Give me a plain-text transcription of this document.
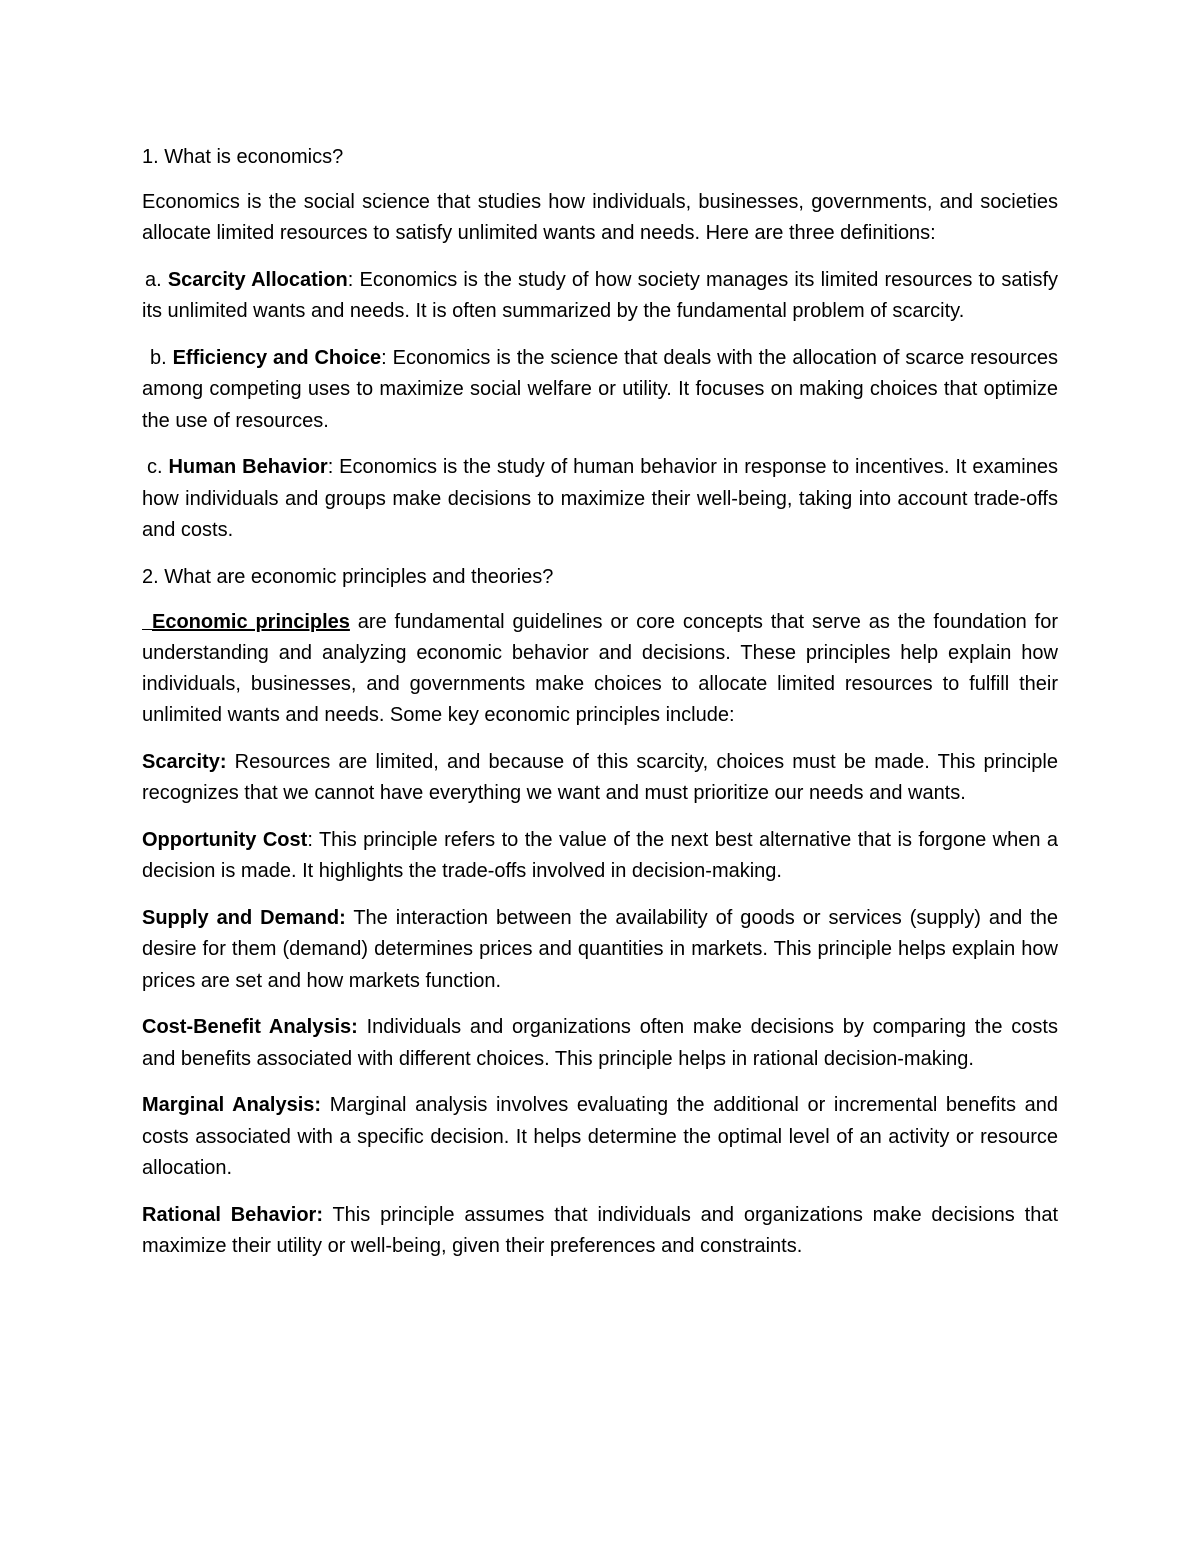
1. What is economics?

Economics is the social science that studies how individuals, businesses, governments, and societies allocate limited resources to satisfy unlimited wants and needs. Here are three definitions:

a. Scarcity Allocation: Economics is the study of how society manages its limited resources to satisfy its unlimited wants and needs. It is often summarized by the fundamental problem of scarcity.

b. Efficiency and Choice: Economics is the science that deals with the allocation of scarce resources among competing uses to maximize social welfare or utility. It focuses on making choices that optimize the use of resources.

c. Human Behavior: Economics is the study of human behavior in response to incentives. It examines how individuals and groups make decisions to maximize their well-being, taking into account trade-offs and costs.

2. What are economic principles and theories?

Economic principles are fundamental guidelines or core concepts that serve as the foundation for understanding and analyzing economic behavior and decisions. These principles help explain how individuals, businesses, and governments make choices to allocate limited resources to fulfill their unlimited wants and needs. Some key economic principles include:

Scarcity: Resources are limited, and because of this scarcity, choices must be made. This principle recognizes that we cannot have everything we want and must prioritize our needs and wants.

Opportunity Cost: This principle refers to the value of the next best alternative that is forgone when a decision is made. It highlights the trade-offs involved in decision-making.

Supply and Demand: The interaction between the availability of goods or services (supply) and the desire for them (demand) determines prices and quantities in markets. This principle helps explain how prices are set and how markets function.

Cost-Benefit Analysis: Individuals and organizations often make decisions by comparing the costs and benefits associated with different choices. This principle helps in rational decision-making.

Marginal Analysis: Marginal analysis involves evaluating the additional or incremental benefits and costs associated with a specific decision. It helps determine the optimal level of an activity or resource allocation.

Rational Behavior: This principle assumes that individuals and organizations make decisions that maximize their utility or well-being, given their preferences and constraints.
